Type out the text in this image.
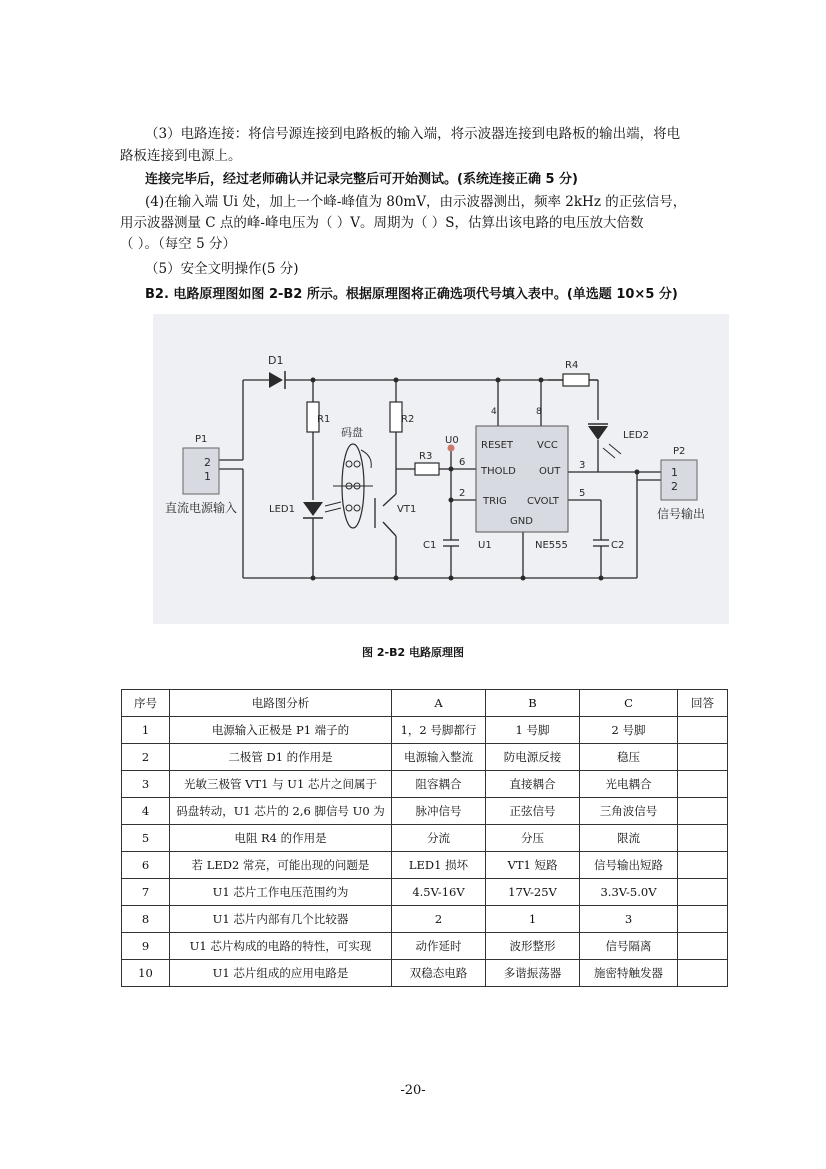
（3）电路连接：将信号源连接到电路板的输入端，将示波器连接到电路板的输出端，将电
路板连接到电源上。
连接完毕后，经过老师确认并记录完整后可开始测试。(系统连接正确 5 分)
(4)在输入端 Ui 处，加上一个峰-峰值为 80mV，由示波器测出，频率 2kHz 的正弦信号，
用示波器测量 C 点的峰-峰电压为（ ）V。周期为（ ）S，估算出该电路的电压放大倍数
（ ）。（每空 5 分）
（5）安全文明操作(5 分)
B2. 电路原理图如图 2-B2 所示。根据原理图将正确选项代号填入表中。(单选题 10×5 分)
D1
R1	R2
R3
R4
P1
P2
2
1	1
2
直流电源输入	信号输出
LED1
LED2
VT1
码盘
U0
U1
C1	C2
NE555
4	8
6
2
3
5
RESET VCC
THOLD OUT
TRIG CVOLT
GND
图 2-B2 电路原理图
序号	电路图分析	A	B	C	回答
1	电源输入正极是 P1 端子的	1，2 号脚都行	1 号脚	2 号脚	
2	二极管 D1 的作用是	电源输入整流	防电源反接	稳压	
3	光敏三极管 VT1 与 U1 芯片之间属于	阻容耦合	直接耦合	光电耦合	
4	码盘转动，U1 芯片的 2,6 脚信号 U0 为	脉冲信号	正弦信号	三角波信号	
5	电阻 R4 的作用是	分流	分压	限流	
6	若 LED2 常亮，可能出现的问题是	LED1 损坏	VT1 短路	信号输出短路	
7	U1 芯片工作电压范围约为	4.5V-16V	17V-25V	3.3V-5.0V	
8	U1 芯片内部有几个比较器	2	1	3	
9	U1 芯片构成的电路的特性，可实现	动作延时	波形整形	信号隔离	
10	U1 芯片组成的应用电路是	双稳态电路	多谐振荡器	施密特触发器	
-20-
